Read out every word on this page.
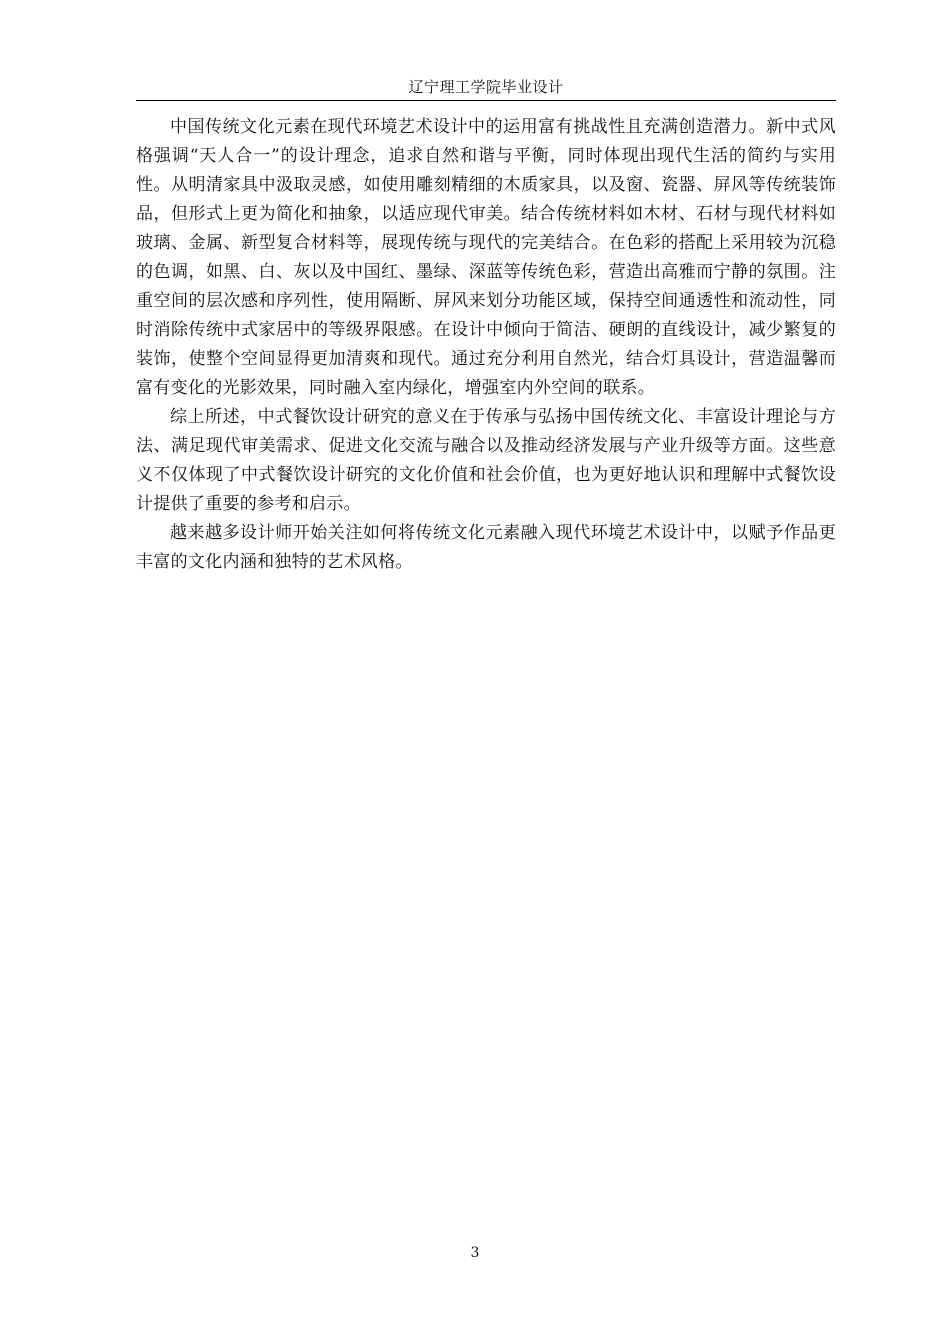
辽宁理工学院毕业设计

中国传统文化元素在现代环境艺术设计中的运用富有挑战性且充满创造潜力。新中式风格强调“天人合一”的设计理念，追求自然和谐与平衡，同时体现出现代生活的简约与实用性。从明清家具中汲取灵感，如使用雕刻精细的木质家具，以及窗、瓷器、屏风等传统装饰品，但形式上更为简化和抽象，以适应现代审美。结合传统材料如木材、石材与现代材料如玻璃、金属、新型复合材料等，展现传统与现代的完美结合。在色彩的搭配上采用较为沉稳的色调，如黑、白、灰以及中国红、墨绿、深蓝等传统色彩，营造出高雅而宁静的氛围。注重空间的层次感和序列性，使用隔断、屏风来划分功能区域，保持空间通透性和流动性，同时消除传统中式家居中的等级界限感。在设计中倾向于简洁、硬朗的直线设计，减少繁复的装饰，使整个空间显得更加清爽和现代。通过充分利用自然光，结合灯具设计，营造温馨而富有变化的光影效果，同时融入室内绿化，增强室内外空间的联系。

综上所述，中式餐饮设计研究的意义在于传承与弘扬中国传统文化、丰富设计理论与方法、满足现代审美需求、促进文化交流与融合以及推动经济发展与产业升级等方面。这些意义不仅体现了中式餐饮设计研究的文化价值和社会价值，也为更好地认识和理解中式餐饮设计提供了重要的参考和启示。

越来越多设计师开始关注如何将传统文化元素融入现代环境艺术设计中，以赋予作品更丰富的文化内涵和独特的艺术风格。

3
